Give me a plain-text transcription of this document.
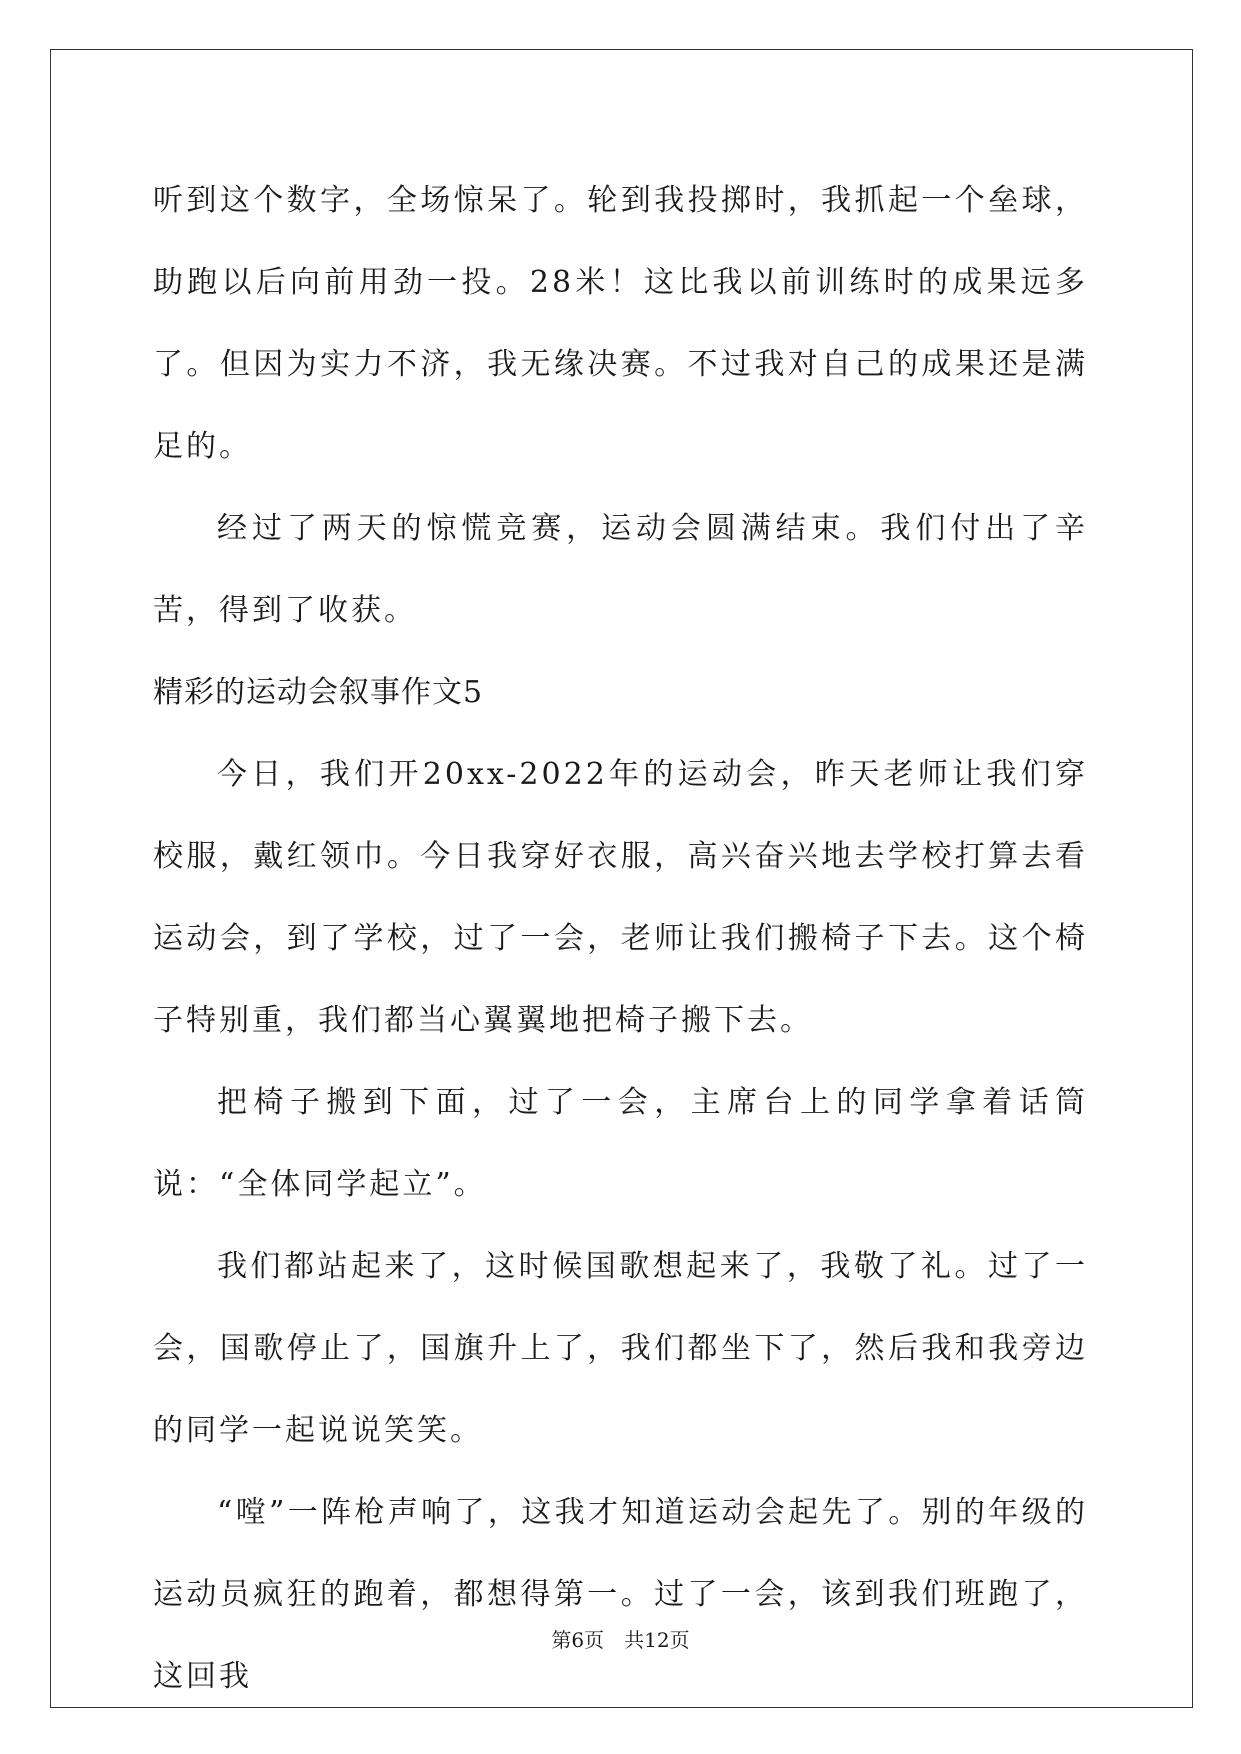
听到这个数字，全场惊呆了。轮到我投掷时，我抓起一个垒球，助跑以后向前用劲一投。28米！这比我以前训练时的成果远多了。但因为实力不济，我无缘决赛。不过我对自己的成果还是满足的。

经过了两天的惊慌竞赛，运动会圆满结束。我们付出了辛苦，得到了收获。

精彩的运动会叙事作文5

今日，我们开20xx-2022年的运动会，昨天老师让我们穿校服，戴红领巾。今日我穿好衣服，高兴奋兴地去学校打算去看运动会，到了学校，过了一会，老师让我们搬椅子下去。这个椅子特别重，我们都当心翼翼地把椅子搬下去。

把椅子搬到下面，过了一会，主席台上的同学拿着话筒说：“全体同学起立”。

我们都站起来了，这时候国歌想起来了，我敬了礼。过了一会，国歌停止了，国旗升上了，我们都坐下了，然后我和我旁边的同学一起说说笑笑。

“嘡”一阵枪声响了，这我才知道运动会起先了。别的年级的运动员疯狂的跑着，都想得第一。过了一会，该到我们班跑了，这回我

第6页　共12页
